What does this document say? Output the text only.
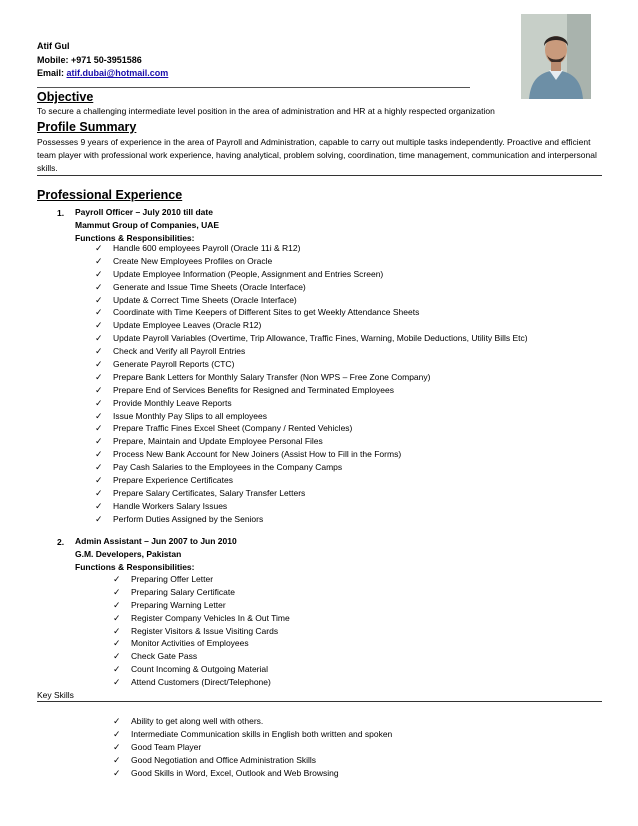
Atif Gul
Mobile: +971 50-3951586
Email: atif.dubai@hotmail.com
Objective
To secure a challenging intermediate level position in the area of administration and HR at a highly respected organization
Profile Summary
Possesses 9 years of experience in the area of Payroll and Administration, capable to carry out multiple tasks independently. Proactive and efficient team player with professional work experience, having analytical, problem solving, coordination, time management, communication and interpersonal skills.
Professional Experience
1. Payroll Officer – July 2010 till date
Mammut Group of Companies, UAE
Functions & Responsibilities:
✓ Handle 600 employees Payroll (Oracle 11i & R12)
✓ Create New Employees Profiles on Oracle
✓ Update Employee Information (People, Assignment and Entries Screen)
✓ Generate and Issue Time Sheets (Oracle Interface)
✓ Update & Correct Time Sheets (Oracle Interface)
✓ Coordinate with Time Keepers of Different Sites to get Weekly Attendance Sheets
✓ Update Employee Leaves (Oracle R12)
✓ Update Payroll Variables (Overtime, Trip Allowance, Traffic Fines, Warning, Mobile Deductions, Utility Bills Etc)
✓ Check and Verify all Payroll Entries
✓ Generate Payroll Reports (CTC)
✓ Prepare Bank Letters for Monthly Salary Transfer (Non WPS – Free Zone Company)
✓ Prepare End of Services Benefits for Resigned and Terminated Employees
✓ Provide Monthly Leave Reports
✓ Issue Monthly Pay Slips to all employees
✓ Prepare Traffic Fines Excel Sheet (Company / Rented Vehicles)
✓ Prepare, Maintain and Update Employee Personal Files
✓ Process New Bank Account for New Joiners (Assist How to Fill in the Forms)
✓ Pay Cash Salaries to the Employees in the Company Camps
✓ Prepare Experience Certificates
✓ Prepare Salary Certificates, Salary Transfer Letters
✓ Handle Workers Salary Issues
✓ Perform Duties Assigned by the Seniors
2. Admin Assistant – Jun 2007 to Jun 2010
G.M. Developers, Pakistan
Functions & Responsibilities:
✓ Preparing Offer Letter
✓ Preparing Salary Certificate
✓ Preparing Warning Letter
✓ Register Company Vehicles In & Out Time
✓ Register Visitors & Issue Visiting Cards
✓ Monitor Activities of Employees
✓ Check Gate Pass
✓ Count Incoming & Outgoing Material
✓ Attend Customers (Direct/Telephone)
Key Skills
✓ Ability to get along well with others.
✓ Intermediate Communication skills in English both written and spoken
✓ Good Team Player
✓ Good Negotiation and Office Administration Skills
✓ Good Skills in Word, Excel, Outlook and Web Browsing
